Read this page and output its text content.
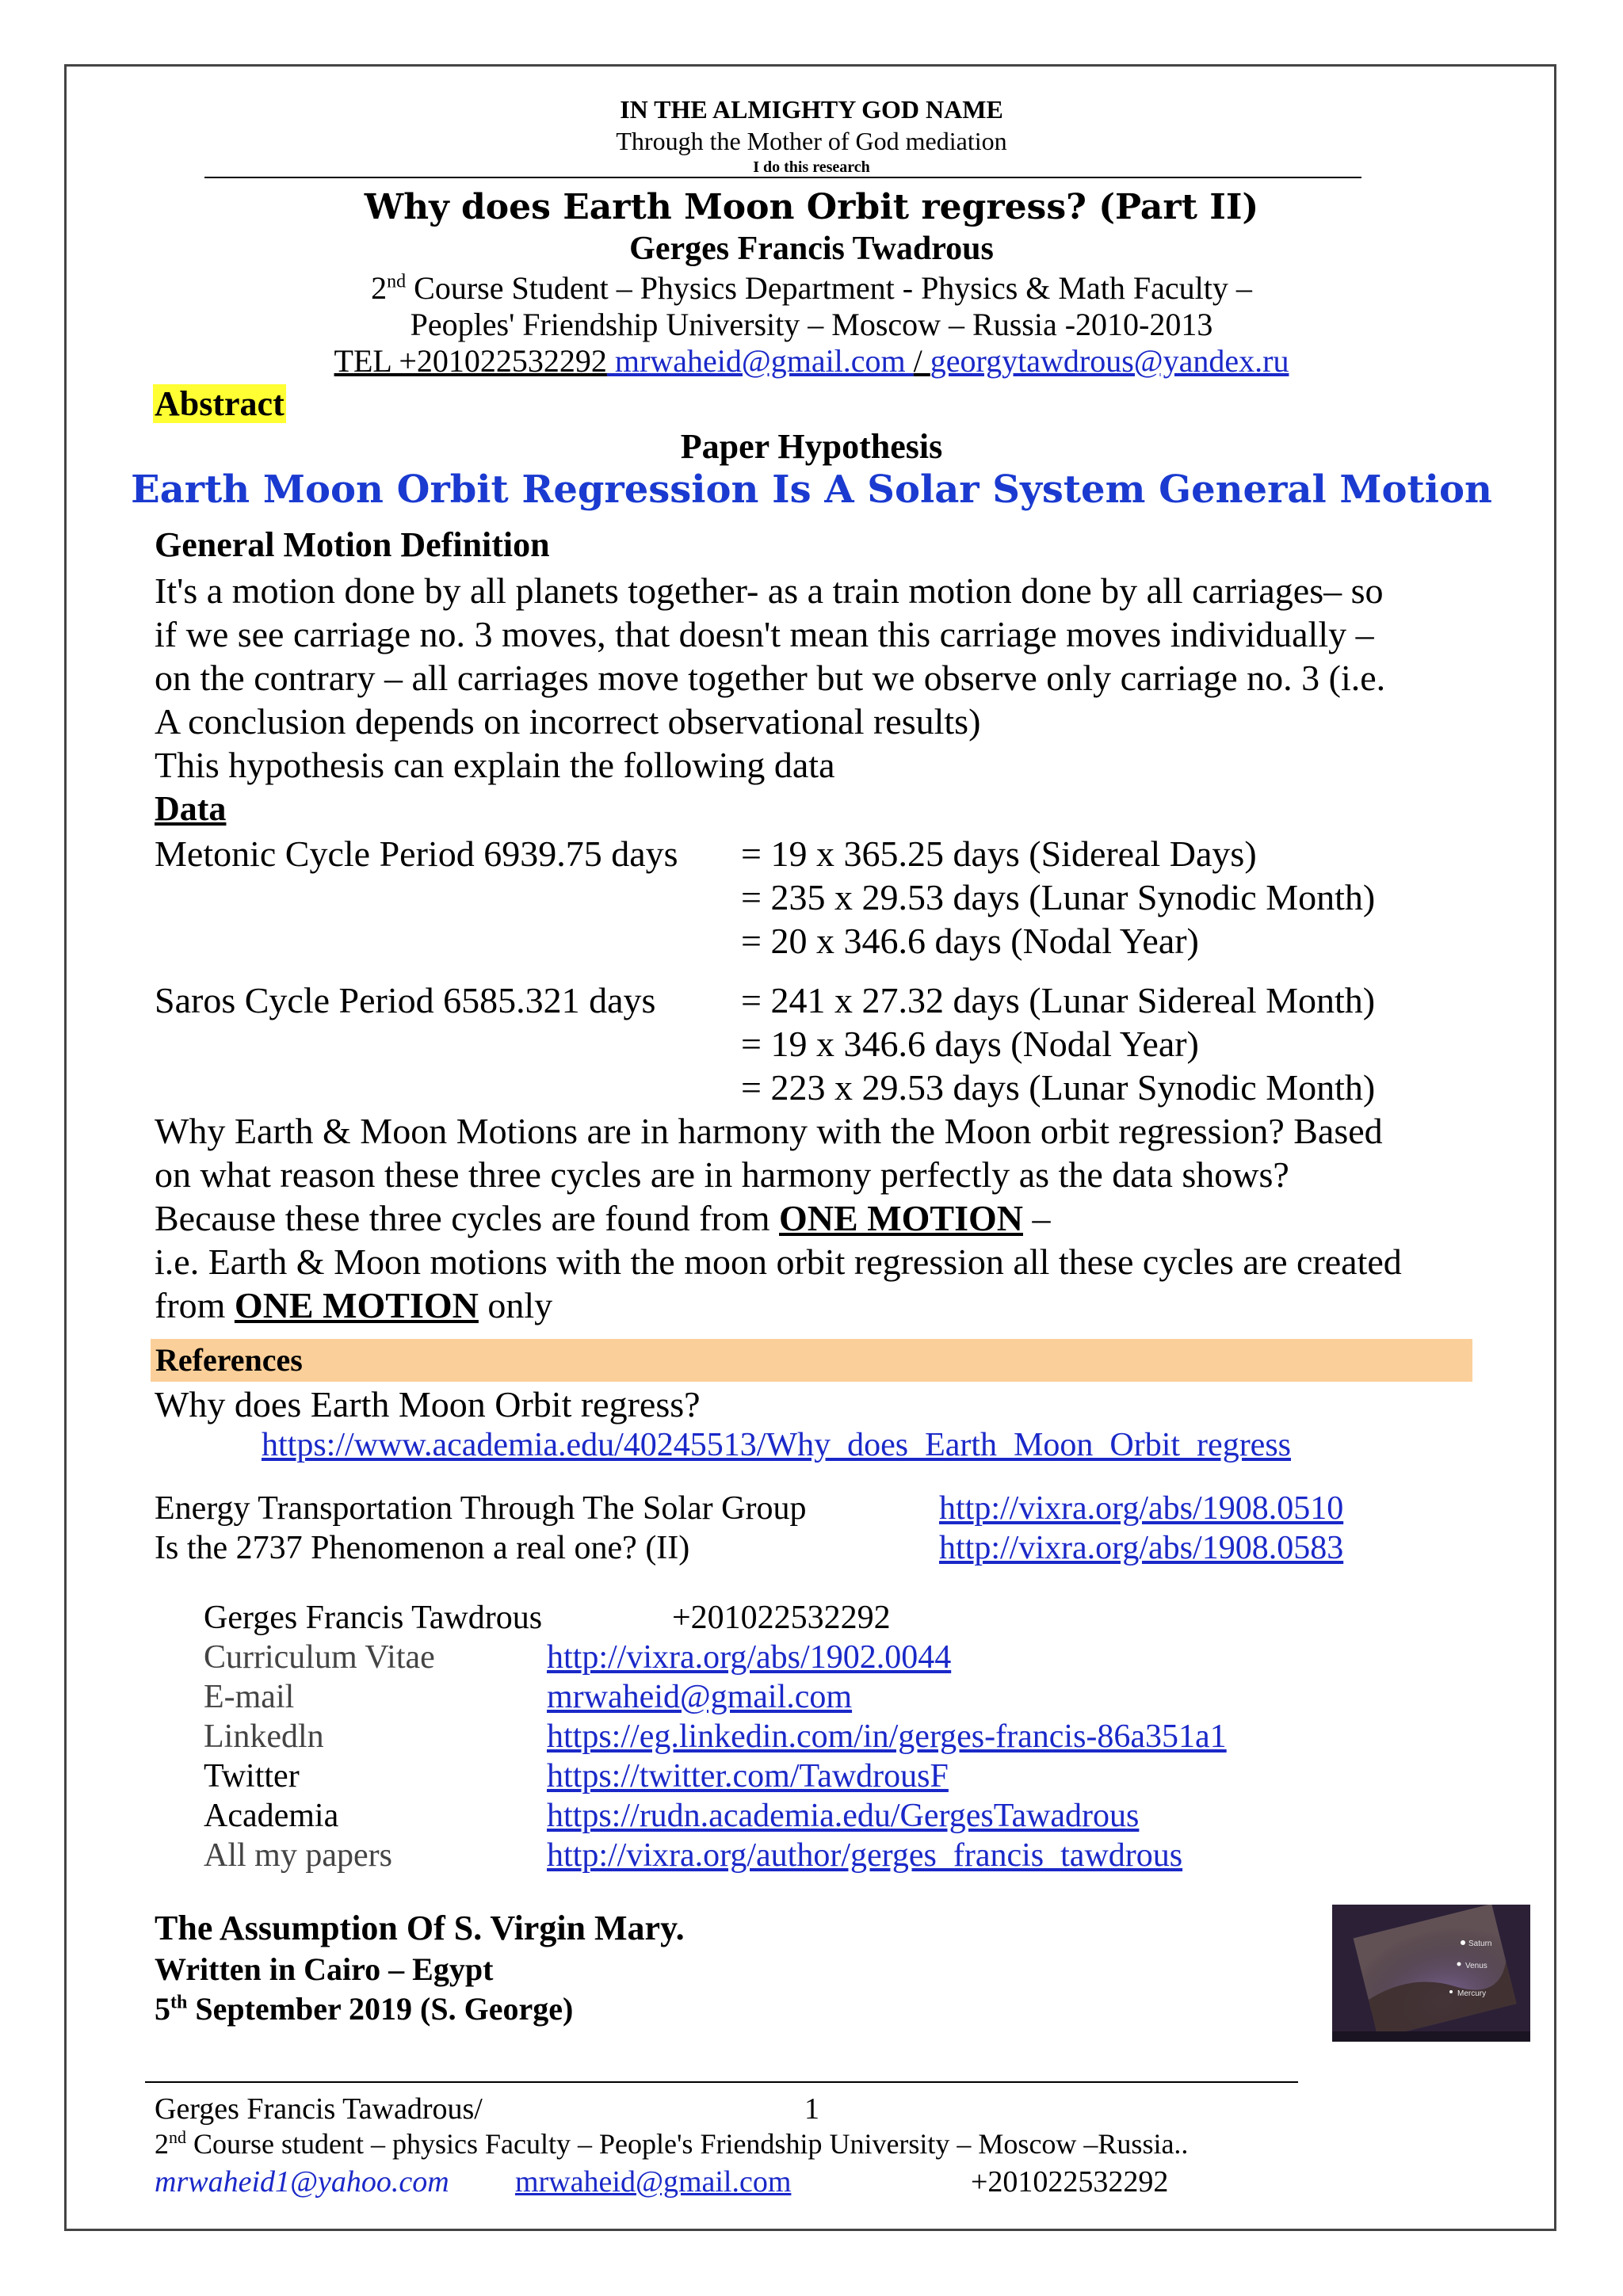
IN THE ALMIGHTY GOD NAME
Through the Mother of God mediation
I do this research
Why does Earth Moon Orbit regress? (Part II)
Gerges Francis Twadrous
2nd Course Student – Physics Department - Physics & Math Faculty –
Peoples' Friendship University – Moscow – Russia -2010-2013
TEL +201022532292 mrwaheid@gmail.com / georgytawdrous@yandex.ru
Abstract
Paper Hypothesis
Earth Moon Orbit Regression Is A Solar System General Motion
General Motion Definition
It's a motion done by all planets together- as a train motion done by all carriages– so
if we see carriage no. 3 moves, that doesn't mean this carriage moves individually –
on the contrary – all carriages move together but we observe only carriage no. 3 (i.e.
A conclusion depends on incorrect observational results)
This hypothesis can explain the following data
Data
Metonic Cycle Period 6939.75 days = 19 x 365.25 days (Sidereal Days)
= 235 x 29.53 days (Lunar Synodic Month)
= 20 x 346.6 days (Nodal Year)
Saros Cycle Period 6585.321 days = 241 x 27.32 days (Lunar Sidereal Month)
= 19 x 346.6 days (Nodal Year)
= 223 x 29.53 days (Lunar Synodic Month)
Why Earth & Moon Motions are in harmony with the Moon orbit regression? Based
on what reason these three cycles are in harmony perfectly as the data shows?
Because these three cycles are found from ONE MOTION –
i.e. Earth & Moon motions with the moon orbit regression all these cycles are created
from ONE MOTION only
References
Why does Earth Moon Orbit regress?
https://www.academia.edu/40245513/Why_does_Earth_Moon_Orbit_regress
Energy Transportation Through The Solar Group	http://vixra.org/abs/1908.0510
Is the 2737 Phenomenon a real one? (II)	http://vixra.org/abs/1908.0583
Gerges Francis Tawdrous	+201022532292
Curriculum Vitae	http://vixra.org/abs/1902.0044
E-mail	mrwaheid@gmail.com
Linkedln	https://eg.linkedin.com/in/gerges-francis-86a351a1
Twitter	https://twitter.com/TawdrousF
Academia	https://rudn.academia.edu/GergesTawadrous
All my papers	http://vixra.org/author/gerges_francis_tawdrous
The Assumption Of S. Virgin Mary.
Written in Cairo – Egypt
5th September 2019 (S. George)
Saturn
Venus
Mercury
Gerges Francis Tawadrous/	1
2nd Course student – physics Faculty – People's Friendship University – Moscow –Russia..
mrwaheid1@yahoo.com mrwaheid@gmail.com	+201022532292
